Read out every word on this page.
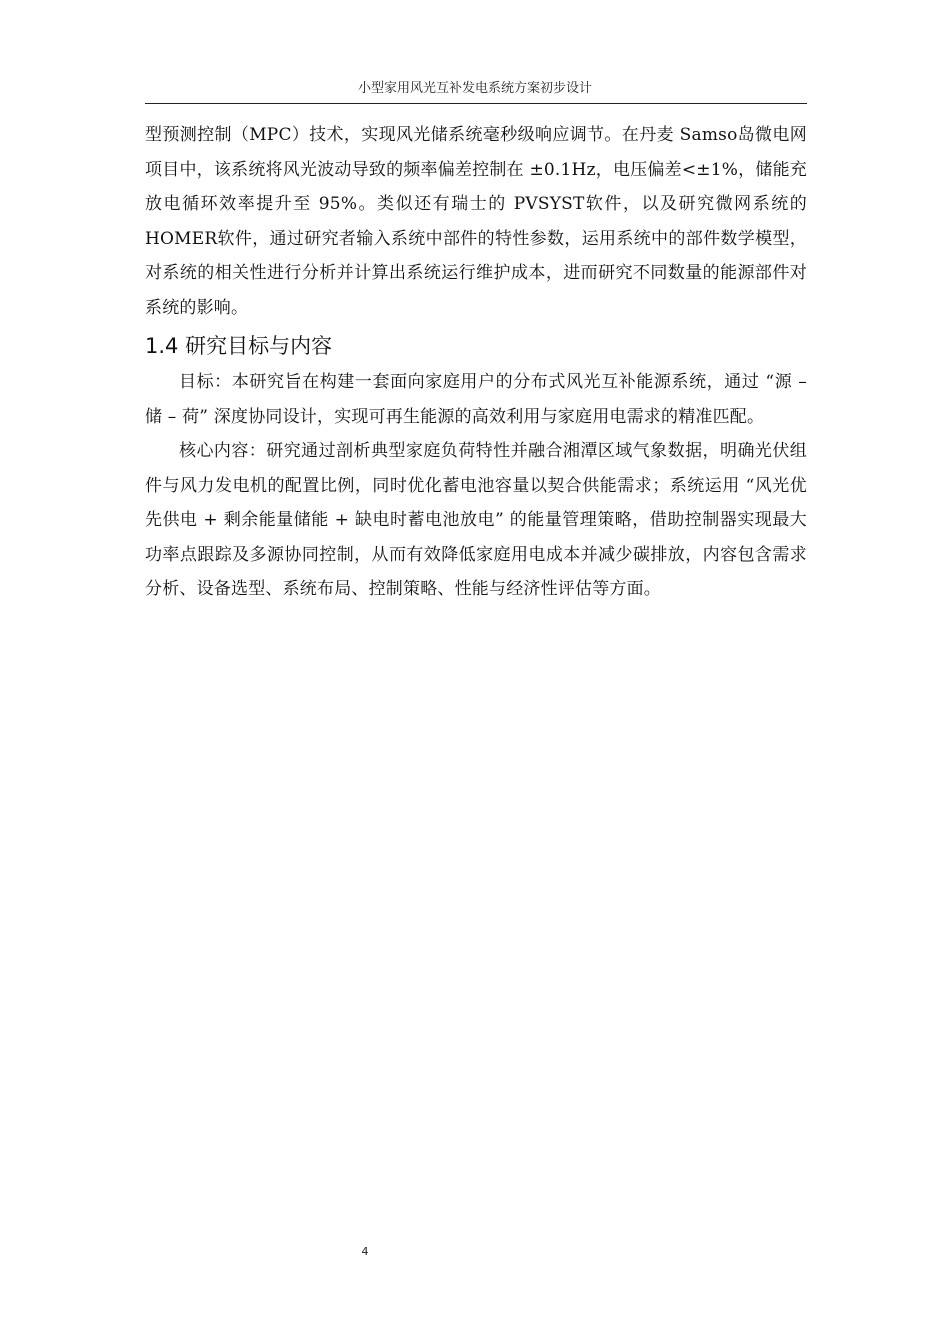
小型家用风光互补发电系统方案初步设计

型预测控制（MPC）技术，实现风光储系统毫秒级响应调节。在丹麦 Samso岛微电网项目中，该系统将风光波动导致的频率偏差控制在 ±0.1Hz，电压偏差<±1%，储能充放电循环效率提升至 95%。类似还有瑞士的 PVSYST软件，以及研究微网系统的 HOMER软件，通过研究者输入系统中部件的特性参数，运用系统中的部件数学模型，对系统的相关性进行分析并计算出系统运行维护成本，进而研究不同数量的能源部件对系统的影响。

1.4 研究目标与内容

目标：本研究旨在构建一套面向家庭用户的分布式风光互补能源系统，通过 “源 – 储 – 荷” 深度协同设计，实现可再生能源的高效利用与家庭用电需求的精准匹配。

核心内容：研究通过剖析典型家庭负荷特性并融合湘潭区域气象数据，明确光伏组件与风力发电机的配置比例，同时优化蓄电池容量以契合供能需求；系统运用 “风光优先供电 + 剩余能量储能 + 缺电时蓄电池放电” 的能量管理策略，借助控制器实现最大功率点跟踪及多源协同控制，从而有效降低家庭用电成本并减少碳排放，内容包含需求分析、设备选型、系统布局、控制策略、性能与经济性评估等方面。

4
